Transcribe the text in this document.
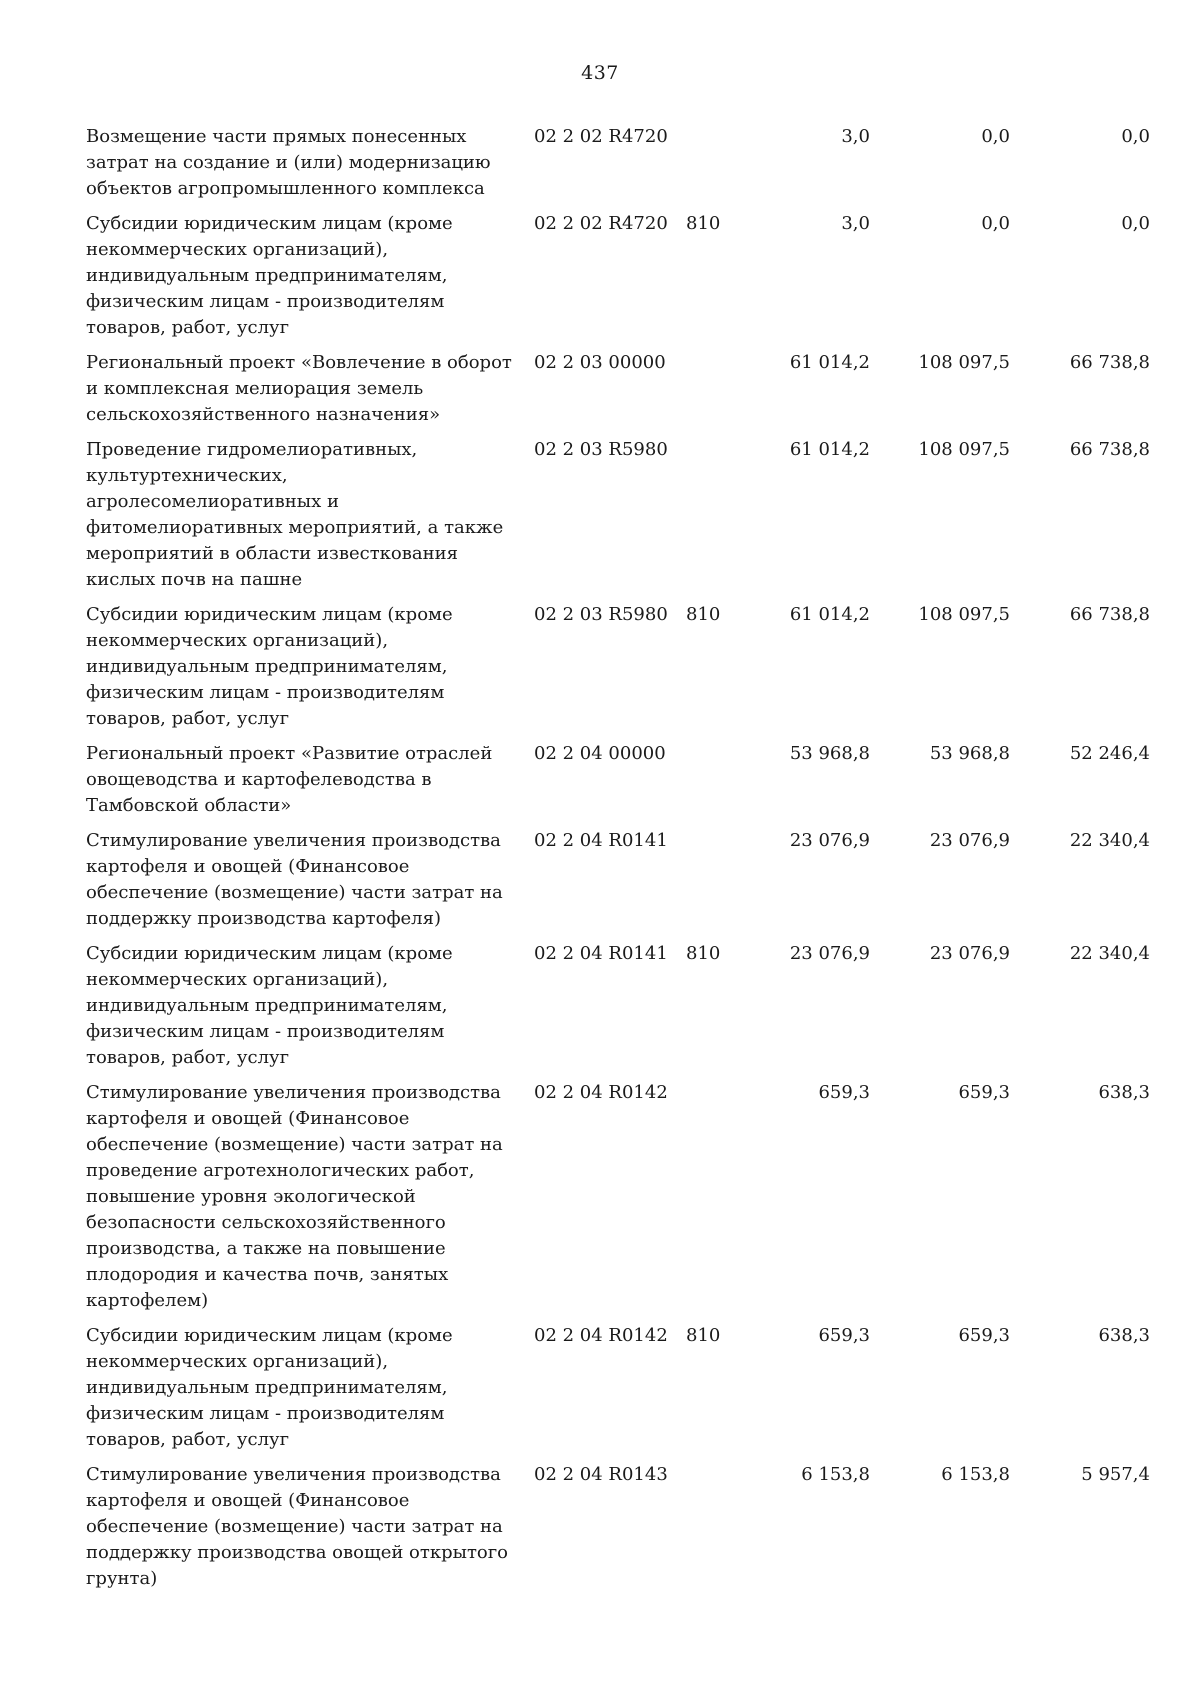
437
Возмещение части прямых понесенных затрат на создание и (или) модернизацию объектов агропромышленного комплекса
02 2 02 R4720	3,0	0,0	0,0
Субсидии юридическим лицам (кроме некоммерческих организаций), индивидуальным предпринимателям, физическим лицам - производителям товаров, работ, услуг
02 2 02 R4720	810	3,0	0,0	0,0
Региональный проект «Вовлечение в оборот и комплексная мелиорация земель сельскохозяйственного назначения»
02 2 03 00000	61 014,2	108 097,5	66 738,8
Проведение гидромелиоративных, культуртехнических, агролесомелиоративных и фитомелиоративных мероприятий, а также мероприятий в области известкования кислых почв на пашне
02 2 03 R5980	61 014,2	108 097,5	66 738,8
Субсидии юридическим лицам (кроме некоммерческих организаций), индивидуальным предпринимателям, физическим лицам - производителям товаров, работ, услуг
02 2 03 R5980	810	61 014,2	108 097,5	66 738,8
Региональный проект «Развитие отраслей овощеводства и картофелеводства в Тамбовской области»
02 2 04 00000	53 968,8	53 968,8	52 246,4
Стимулирование увеличения производства картофеля и овощей (Финансовое обеспечение (возмещение) части затрат на поддержку производства картофеля)
02 2 04 R0141	23 076,9	23 076,9	22 340,4
Субсидии юридическим лицам (кроме некоммерческих организаций), индивидуальным предпринимателям, физическим лицам - производителям товаров, работ, услуг
02 2 04 R0141	810	23 076,9	23 076,9	22 340,4
Стимулирование увеличения производства картофеля и овощей (Финансовое обеспечение (возмещение) части затрат на проведение агротехнологических работ, повышение уровня экологической безопасности сельскохозяйственного производства, а также на повышение плодородия и качества почв, занятых картофелем)
02 2 04 R0142	659,3	659,3	638,3
Субсидии юридическим лицам (кроме некоммерческих организаций), индивидуальным предпринимателям, физическим лицам - производителям товаров, работ, услуг
02 2 04 R0142	810	659,3	659,3	638,3
Стимулирование увеличения производства картофеля и овощей (Финансовое обеспечение (возмещение) части затрат на поддержку производства овощей открытого грунта)
02 2 04 R0143	6 153,8	6 153,8	5 957,4
